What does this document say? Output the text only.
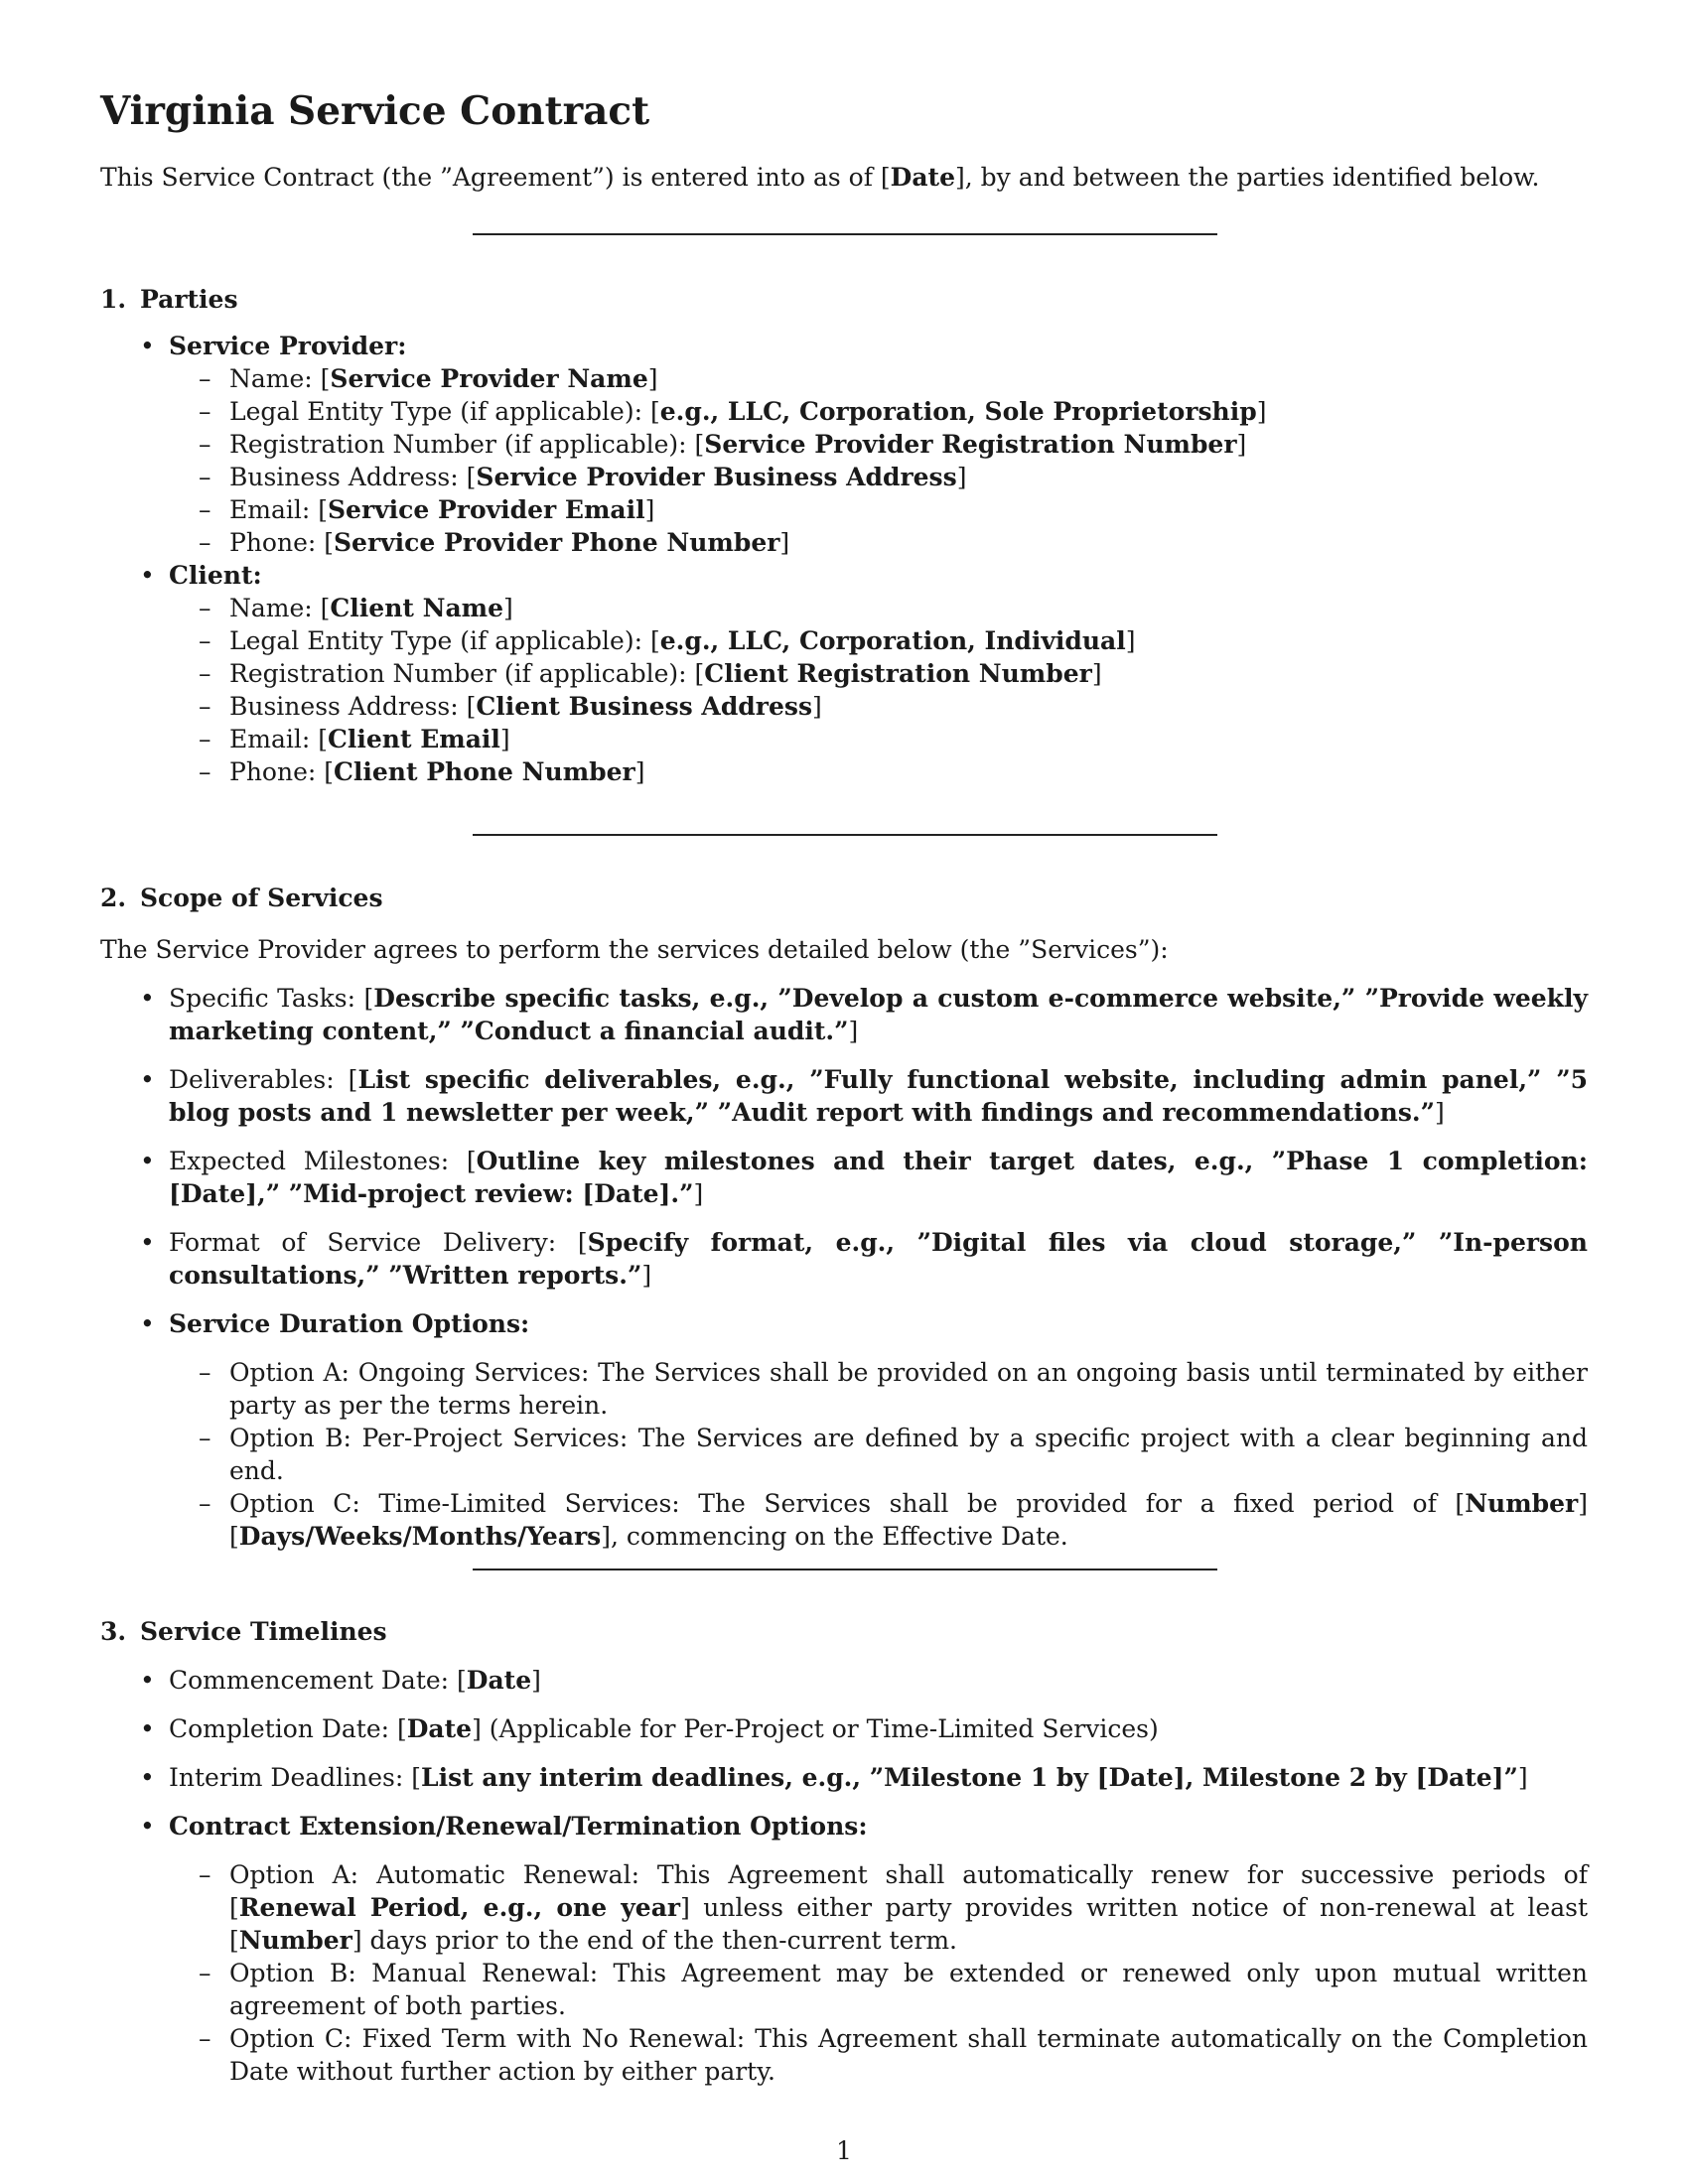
Virginia Service Contract

This Service Contract (the ”Agreement”) is entered into as of [Date], by and between the parties identified below.

1. Parties

• Service Provider:
– Name: [Service Provider Name]
– Legal Entity Type (if applicable): [e.g., LLC, Corporation, Sole Proprietorship]
– Registration Number (if applicable): [Service Provider Registration Number]
– Business Address: [Service Provider Business Address]
– Email: [Service Provider Email]
– Phone: [Service Provider Phone Number]
• Client:
– Name: [Client Name]
– Legal Entity Type (if applicable): [e.g., LLC, Corporation, Individual]
– Registration Number (if applicable): [Client Registration Number]
– Business Address: [Client Business Address]
– Email: [Client Email]
– Phone: [Client Phone Number]

2. Scope of Services

The Service Provider agrees to perform the services detailed below (the ”Services”):

• Specific Tasks: [Describe specific tasks, e.g., ”Develop a custom e-commerce website,” ”Provide weekly marketing content,” ”Conduct a financial audit.”]
• Deliverables: [List specific deliverables, e.g., ”Fully functional website, including admin panel,” ”5 blog posts and 1 newsletter per week,” ”Audit report with findings and recommendations.”]
• Expected Milestones: [Outline key milestones and their target dates, e.g., ”Phase 1 completion: [Date],” ”Mid-project review: [Date].”]
• Format of Service Delivery: [Specify format, e.g., ”Digital files via cloud storage,” ”In-person consultations,” ”Written reports.”]
• Service Duration Options:
– Option A: Ongoing Services: The Services shall be provided on an ongoing basis until terminated by either party as per the terms herein.
– Option B: Per-Project Services: The Services are defined by a specific project with a clear beginning and end.
– Option C: Time-Limited Services: The Services shall be provided for a fixed period of [Number] [Days/Weeks/Months/Years], commencing on the Effective Date.

3. Service Timelines

• Commencement Date: [Date]
• Completion Date: [Date] (Applicable for Per-Project or Time-Limited Services)
• Interim Deadlines: [List any interim deadlines, e.g., ”Milestone 1 by [Date], Milestone 2 by [Date]”]
• Contract Extension/Renewal/Termination Options:
– Option A: Automatic Renewal: This Agreement shall automatically renew for successive periods of [Renewal Period, e.g., one year] unless either party provides written notice of non-renewal at least [Number] days prior to the end of the then-current term.
– Option B: Manual Renewal: This Agreement may be extended or renewed only upon mutual written agreement of both parties.
– Option C: Fixed Term with No Renewal: This Agreement shall terminate automatically on the Completion Date without further action by either party.
1
